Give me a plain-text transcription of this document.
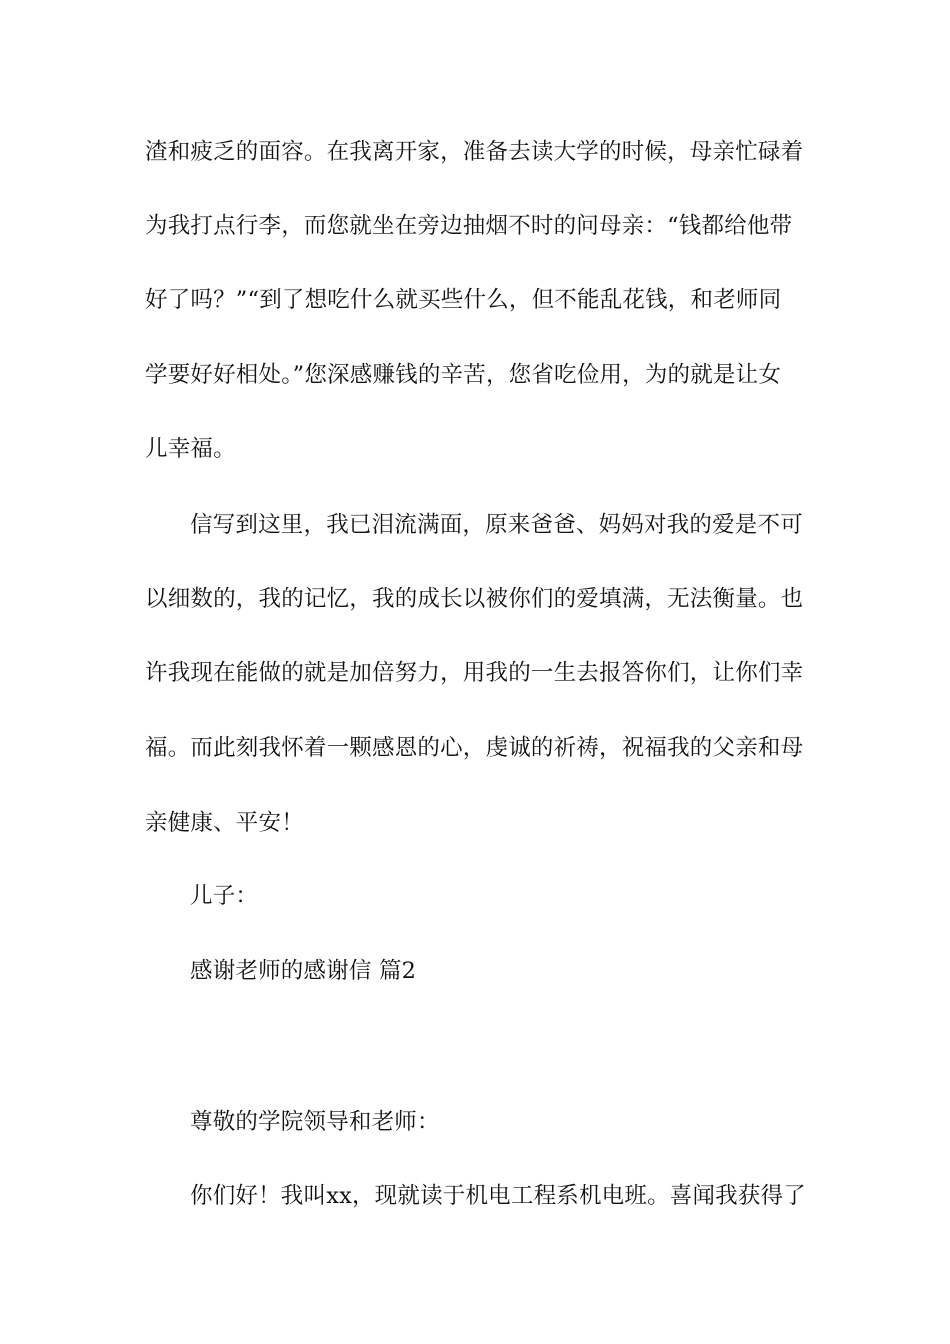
渣和疲乏的面容。在我离开家，准备去读大学的时候，母亲忙碌着
为我打点行李，而您就坐在旁边抽烟不时的问母亲：“钱都给他带
好了吗？”“到了想吃什么就买些什么，但不能乱花钱，和老师同
学要好好相处。”您深感赚钱的辛苦，您省吃俭用，为的就是让女
儿幸福。
信写到这里，我已泪流满面，原来爸爸、妈妈对我的爱是不可
以细数的，我的记忆，我的成长以被你们的爱填满，无法衡量。也
许我现在能做的就是加倍努力，用我的一生去报答你们，让你们幸
福。而此刻我怀着一颗感恩的心，虔诚的祈祷，祝福我的父亲和母
亲健康、平安！
儿子：
感谢老师的感谢信 篇2
尊敬的学院领导和老师：
你们好！我叫xx，现就读于机电工程系机电班。喜闻我获得了
